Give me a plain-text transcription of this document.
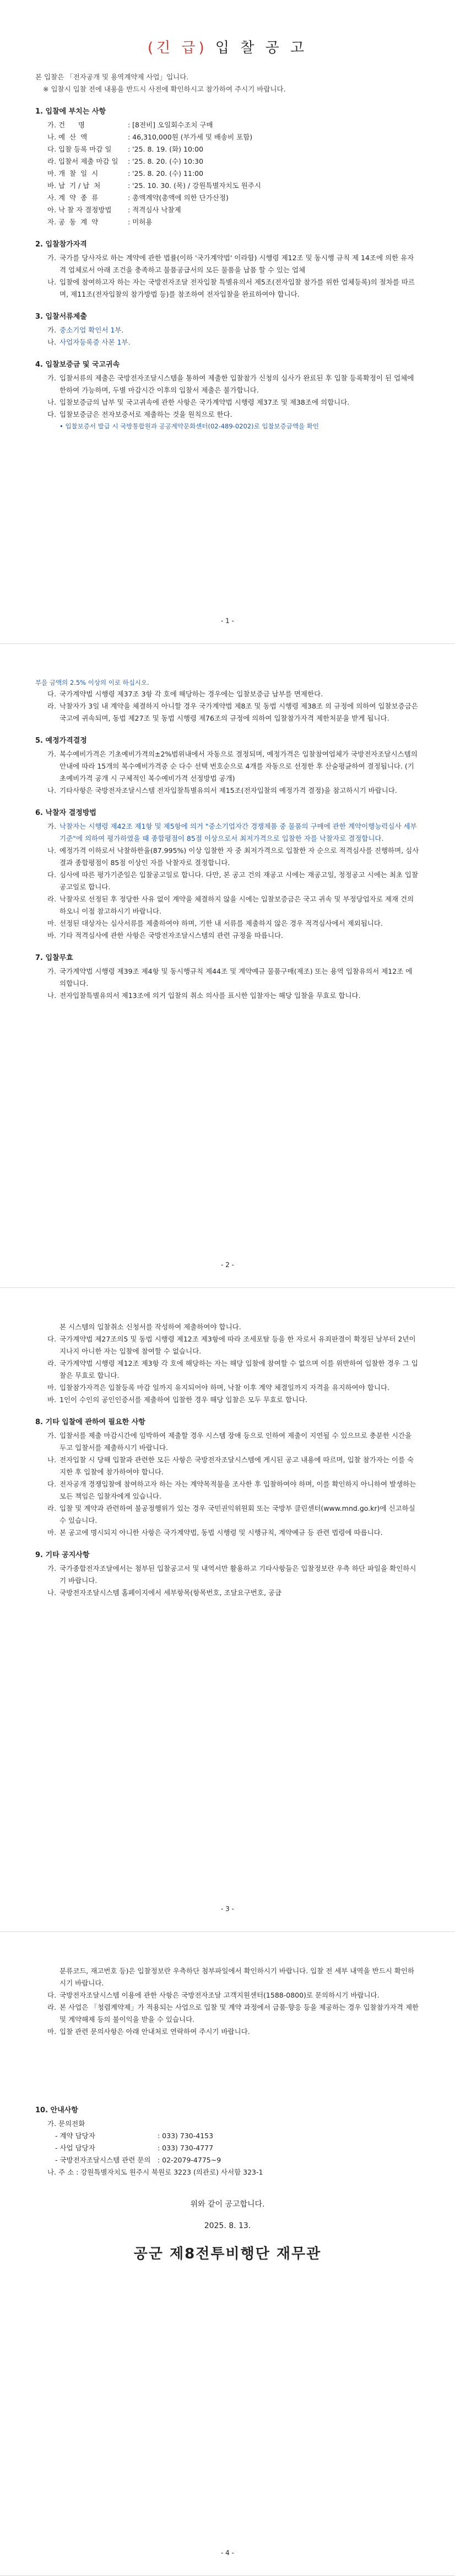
(긴 급) 입 찰 공 고
본 입찰은 「전자공개 및 용역계약제 사업」입니다.
※ 입찰시 입찰 전에 내용을 반드시 사전에 확인하시고 참가하여 주시기 바랍니다.
1. 입찰에 부치는 사항
가. 건      명	: [8전비] 오일회수조치 구매
나. 예  산  액	: 46,310,000원 (부가세 및 배송비 포함)
다. 입찰 등록 마감 일	: '25. 8. 19. (화) 10:00
라. 입찰서 제출 마감 일	: '25. 8. 20. (수) 10:30
마. 개  찰  일  시	: '25. 8. 20. (수) 11:00
바. 납  기 / 납  처	: '25. 10. 30. (목) / 강원특별자치도 원주시
사. 계  약  종  류	: 총액계약(총액에 의한 단가산정)
아. 낙 찰 자 결정방법	: 적격심사 낙찰제
자. 공  동  계  약	: 미허용
2. 입찰참가자격
가. 국가를 당사자로 하는 계약에 관한 법률(이하 '국가계약법' 이라함) 시행령 제12조 및 동시행 규칙 제 14조에 의한 유자격 업체로서 아래 조건을 충족하고 물품공급서의 모든 물품을 납품 할 수 있는 업체
나. 입찰에 참여하고자 하는 자는 국방전자조달 전자입찰 특별유의서 제5조(전자입찰 참가를 위한 업체등록)의 절차를 따르며, 제11조(전자입찰의 참가방법 등)를 참조하여 전자입찰을 완료하여야 합니다.
3. 입찰서류제출
가. 중소기업 확인서 1부.
나. 사업자등록증 사본 1부.
4. 입찰보증금 및 국고귀속
가. 입찰서류의 제출은 국방전자조달시스템을 통하여 제출한 입찰참가 신청의 심사가 완료된 후 입찰 등록확정이 된 업체에 한하여 가능하며, 두별 마감시간 이후의 입찰서 제출은 불가합니다.
나. 입찰보증금의 납부 및 국고귀속에 관한 사항은 국가계약법 시행령 제37조 및 제38조에 의합니다.
다. 입찰보증금은 전자보증서로 제출하는 것을 원칙으로 한다.
• 입찰보증서 발급 시 국방통합원과 공공계약문화센터(02-489-0202)로 입찰보증금액을 확인
- 1 -
부을 금액의 2.5% 이상의 이로 하십시오.
다. 국가계약법 시행령 제37조 3항 각 호에 해당하는 경우에는 입찰보증금 납부를 면제한다.
라. 낙찰자가 3일 내 계약을 체결하지 아니할 경우 국가계약법 제8조 및 동법 시행령 제38조 의 규정에 의하여 입찰보증금은 국고에 귀속되며, 동법 제27조 및 동법 시행령 제76조의 규정에 의하여 입찰참가자격 제한처분을 받게 됩니다.
5. 예정가격결정
가. 복수예비가격은 기초예비가격의±2%범위내에서 자동으로 결정되며, 예정가격은 입찰참여업체가 국방전자조달시스템의 안내에 따라 15개의 복수예비가격중 순 다수 선택 번호순으로 4개를 자동으로 선정한 후 산술평균하여 결정됩니다. (기초예비가격 공개 시 구체적인 복수예비가격 선정방법 공개)
나. 기타사항은 국방전자조달시스템 전자입찰특별유의서 제15조(전자입찰의 예정가격 결정)을 참고하시기 바랍니다.
6. 낙찰자 결정방법
가. 낙찰자는 시행령 제42조 제1항 및 제5항에 의거 "중소기업자간 경쟁제품 중 물품의 구매에 관한 계약이행능력심사 세부기준"에 의하여 평가하였을 때 종합평점이 85점 이상으로서 최저가격으로 입찰한 자를 낙찰자로 결정합니다.
나. 예정가격 이하로서 낙찰하한율(87.995%) 이상 입찰한 자 중 최저가격으로 입찰한 자 순으로 적격심사를 진행하며, 심사결과 종합평점이 85점 이상인 자를 낙찰자로 결정합니다.
다. 심사에 따른 평가기준일은 입찰공고일로 합니다. 다만, 본 공고 건의 재공고 시에는 재공고일, 정정공고 시에는 최초 입찰공고일로 합니다.
라. 낙찰자로 선정된 후 정당한 사유 없이 계약을 체결하지 않을 시에는 입찰보증금은 국고 귀속 및 부정당업자로 제재 건의하오니 이점 참고하시기 바랍니다.
마. 선정된 대상자는 심사서류를 제출하여야 하며, 기한 내 서류를 제출하지 않은 경우 적격심사에서 제외됩니다.
바. 기타 적격심사에 관한 사항은 국방전자조달시스템의 관련 규정을 따릅니다.
7. 입찰무효
가. 국가계약법 시행령 제39조 제4항 및 동시행규칙 제44조 및 계약예규 물품구매(제조) 또는 용역 입찰유의서 제12조 에 의합니다.
나. 전자입찰특별유의서 제13조에 의거 입찰의 취소 의사를 표시한 입찰자는 해당 입찰을 무효로 합니다.
- 2 -
본 시스템의 입찰취소 신청서를 작성하여 제출하여야 합니다.
다. 국가계약법 제27조의5 및 동법 시행령 제12조 제3항에 따라 조세포탈 등을 한 자로서 유죄판결이 확정된 날부터 2년이 지나지 아니한 자는 입찰에 참여할 수 없습니다.
라. 국가계약법 시행령 제12조 제3항 각 호에 해당하는 자는 해당 입찰에 참여할 수 없으며 이를 위반하여 입찰한 경우 그 입찰은 무효로 합니다.
마. 입찰참가자격은 입찰등록 마감 일까지 유지되어야 하며, 낙찰 이후 계약 체결일까지 자격을 유지하여야 합니다.
바. 1인이 수인의 공인인증서를 제출하여 입찰한 경우 해당 입찰은 모두 무효로 합니다.
8. 기타 입찰에 관하여 필요한 사항
가. 입찰서를 제출 마감시간에 임박하여 제출할 경우 시스템 장애 등으로 인하여 제출이 지연될 수 있으므로 충분한 시간을 두고 입찰서를 제출하시기 바랍니다.
나. 전자입찰 시 당해 입찰과 관련한 모든 사항은 국방전자조달시스템에 게시된 공고 내용에 따르며, 입찰 참가자는 이를 숙지한 후 입찰에 참가하여야 합니다.
다. 전자공개 경쟁입찰에 참여하고자 하는 자는 계약목적물을 조사한 후 입찰하여야 하며, 이를 확인하지 아니하여 발생하는 모든 책임은 입찰자에게 있습니다.
라. 입찰 및 계약과 관련하여 불공정행위가 있는 경우 국민권익위원회 또는 국방부 클린센터(www.mnd.go.kr)에 신고하실 수 있습니다.
마. 본 공고에 명시되지 아니한 사항은 국가계약법, 동법 시행령 및 시행규칙, 계약예규 등 관련 법령에 따릅니다.
9. 기타 공지사항
가. 국가종합전자조달에서는 첨부된 입찰공고서 및 내역서만 활용하고 기타사항들은 입찰정보란 우측 하단 파일을 확인하시기 바랍니다.
나. 국방전자조달시스템 홈페이지에서 세부항목(항목번호, 조달요구번호, 공급
- 3 -
분류코드, 재고번호 등)은 입찰정보란 우측하단 첨부파일에서 확인하시기 바랍니다. 입찰 전 세부 내역을 반드시 확인하시기 바랍니다.
다. 국방전자조달시스템 이용에 관한 사항은 국방전자조달 고객지원센터(1588-0800)로 문의하시기 바랍니다.
라. 본 사업은 「청렴계약제」가 적용되는 사업으로 입찰 및 계약 과정에서 금품·향응 등을 제공하는 경우 입찰참가자격 제한 및 계약해제 등의 불이익을 받을 수 있습니다.
마. 입찰 관련 문의사항은 아래 안내처로 연락하여 주시기 바랍니다.
10. 안내사항
가. 문의전화
- 계약 담당자	: 033) 730-4153
- 사업 담당자	: 033) 730-4777
- 국방전자조달시스템 관련 문의	: 02-2079-4775~9
나. 주 소 : 강원특별자치도 원주시 북원로 3223 (의관로) 사서함 323-1
위와 같이 공고합니다.
2025. 8. 13.
공군 제8전투비행단 재무관
- 4 -
